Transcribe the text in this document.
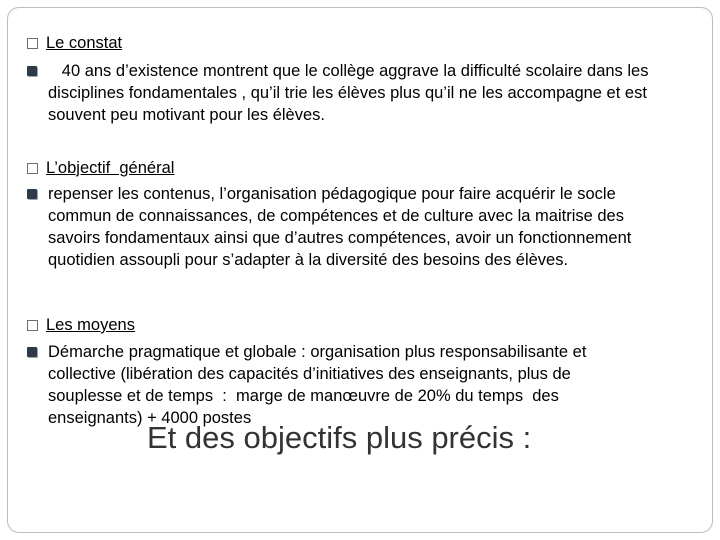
Le constat
40 ans d’existence montrent que le collège aggrave la difficulté scolaire dans les disciplines fondamentales , qu’il trie les élèves plus qu’il ne les accompagne et est souvent peu motivant pour les élèves.
L’objectif  général
repenser les contenus, l’organisation pédagogique pour faire acquérir le socle commun de connaissances, de compétences et de culture avec la maitrise des savoirs fondamentaux ainsi que d’autres compétences, avoir un fonctionnement quotidien assoupli pour s’adapter à la diversité des besoins des élèves.
Les moyens
Démarche pragmatique et globale : organisation plus responsabilisante et collective (libération des capacités d’initiatives des enseignants, plus de souplesse et de temps  :  marge de manœuvre de 20% du temps  des enseignants) + 4000 postes
Et des objectifs plus précis :
